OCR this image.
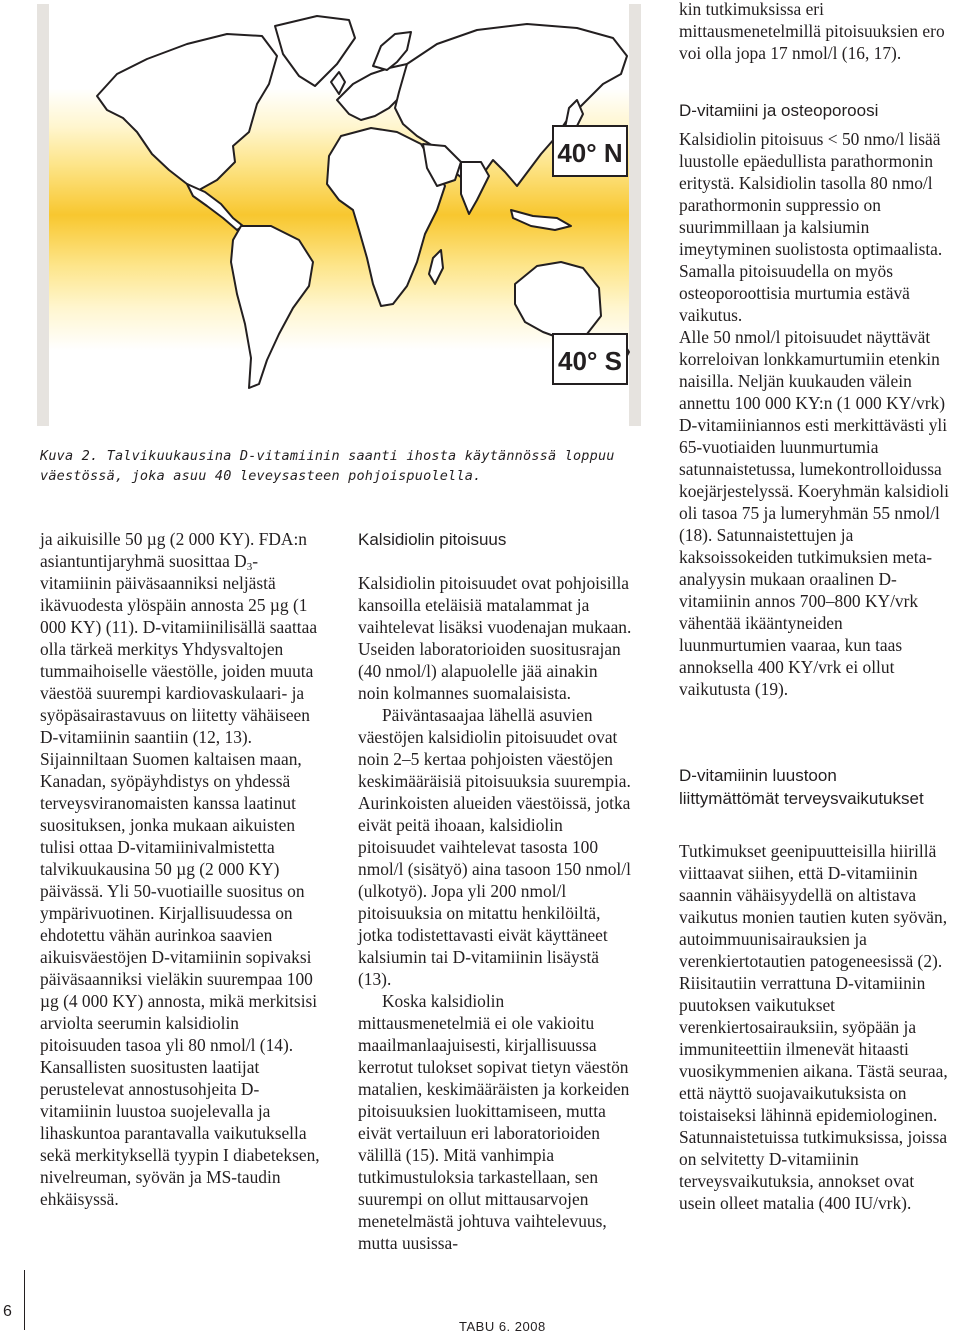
40° N
40° S
Kuva 2. Talvikuukausina D-vitamiinin saanti ihosta käytännössä loppuu
väestössä, joka asuu 40 leveysasteen pohjoispuolella.

ja aikuisille 50 µg (2 000 KY). FDA:n asiantuntijaryhmä suosittaa $D_3$-vitamiinin päiväsaanniksi neljästä ikävuodesta ylöspäin annosta 25 µg (1 000 KY) (11). D-vitamiinilisällä saattaa olla tärkeä merkitys Yhdysvaltojen tummaihoiselle väestölle, joiden muuta väestöä suurempi kardiovaskulaari- ja syöpäsairastavuus on liitetty vähäiseen D-vitamiinin saantiin (12, 13). Sijainniltaan Suomen kaltaisen maan, Kanadan, syöpäyhdistys on yhdessä terveysviranomaisten kanssa laatinut suosituksen, jonka mukaan aikuisten tulisi ottaa D-vitamiinivalmistetta talvikuukausina 50 µg (2 000 KY) päivässä. Yli 50-vuotiaille suositus on ympärivuotinen. Kirjallisuudessa on ehdotettu vähän aurinkoa saavien aikuisväestöjen D-vitamiinin sopivaksi päiväsaanniksi vieläkin suurempaa 100 µg (4 000 KY) annosta, mikä merkitsisi arviolta seerumin kalsidiolin pitoisuuden tasoa yli 80 nmol/l (14). Kansallisten suositusten laatijat perustelevat annostusohjeita D-vitamiinin luustoa suojelevalla ja lihaskuntoa parantavalla vaikutuksella sekä merkityksellä tyypin I diabeteksen, nivelreuman, syövän ja MS-taudin ehkäisyssä.

Kalsidiolin pitoisuus

Kalsidiolin pitoisuudet ovat pohjoisilla kansoilla eteläisiä matalammat ja vaihtelevat lisäksi vuodenajan mukaan. Useiden laboratorioiden suositusrajan (40 nmol/l) alapuolelle jää ainakin noin kolmannes suomalaisista.

Päiväntasaajaa lähellä asuvien väestöjen kalsidiolin pitoisuudet ovat noin 2–5 kertaa pohjoisten väestöjen keskimääräisiä pitoisuuksia suurempia. Aurinkoisten alueiden väestöissä, jotka eivät peitä ihoaan, kalsidiolin pitoisuudet vaihtelevat tasosta 100 nmol/l (sisätyö) aina tasoon 150 nmol/l (ulkotyö). Jopa yli 200 nmol/l pitoisuuksia on mitattu henkilöiltä, jotka todistettavasti eivät käyttäneet kalsiumin tai D-vitamiinin lisäystä (13).

Koska kalsidiolin mittausmenetelmiä ei ole vakioitu maailmanlaajuisesti, kirjallisuussa kerrotut tulokset sopivat tietyn väestön matalien, keskimääräisten ja korkeiden pitoisuuksien luokittamiseen, mutta eivät vertailuun eri laboratorioiden välillä (15). Mitä vanhimpia tutkimustuloksia tarkastellaan, sen suurempi on ollut mittausarvojen menetelmästä johtuva vaihtelevuus, mutta uusissa-

kin tutkimuksissa eri mittausmenetelmillä pitoisuuksien ero voi olla jopa 17 nmol/l (16, 17).

D-vitamiini ja osteoporoosi

Kalsidiolin pitoisuus < 50 nmo/l lisää luustolle epäedullista parathormonin eritystä. Kalsidiolin tasolla 80 nmo/l parathormonin suppressio on suurimmillaan ja kalsiumin imeytyminen suolistosta optimaalista. Samalla pitoisuudella on myös osteoporoottisia murtumia estävä vaikutus.

Alle 50 nmol/l pitoisuudet näyttävät korreloivan lonkkamurtumiin etenkin naisilla. Neljän kuukauden välein annettu 100 000 KY:n (1 000 KY/vrk) D-vitamiiniannos esti merkittävästi yli 65-vuotiaiden luunmurtumia satunnaistetussa, lumekontrolloidussa koejärjestelyssä. Koeryhmän kalsidioli oli tasoa 75 ja lumeryhmän 55 nmol/l (18). Satunnaistettujen ja kaksoissokeiden tutkimuksien meta-analyysin mukaan oraalinen D-vitamiinin annos 700–800 KY/vrk vähentää ikääntyneiden luunmurtumien vaaraa, kun taas annoksella 400 KY/vrk ei ollut vaikutusta (19).

D-vitamiinin luustoon liittymättömät terveysvaikutukset

Tutkimukset geenipuutteisilla hiirillä viittaavat siihen, että D-vitamiinin saannin vähäisyydellä on altistava vaikutus monien tautien kuten syövän, autoimmuunisairauksien ja verenkiertotautien patogeneesissä (2). Riisitautiin verrattuna D-vitamiinin puutoksen vaikutukset verenkiertosairauksiin, syöpään ja immuniteettiin ilmenevät hitaasti vuosikymmenien aikana. Tästä seuraa, että näyttö suojavaikutuksista on toistaiseksi lähinnä epidemiologinen. Satunnaistetuissa tutkimuksissa, joissa on selvitetty D-vitamiinin terveysvaikutuksia, annokset ovat usein olleet matalia (400 IU/vrk).

6
TABU 6. 2008
